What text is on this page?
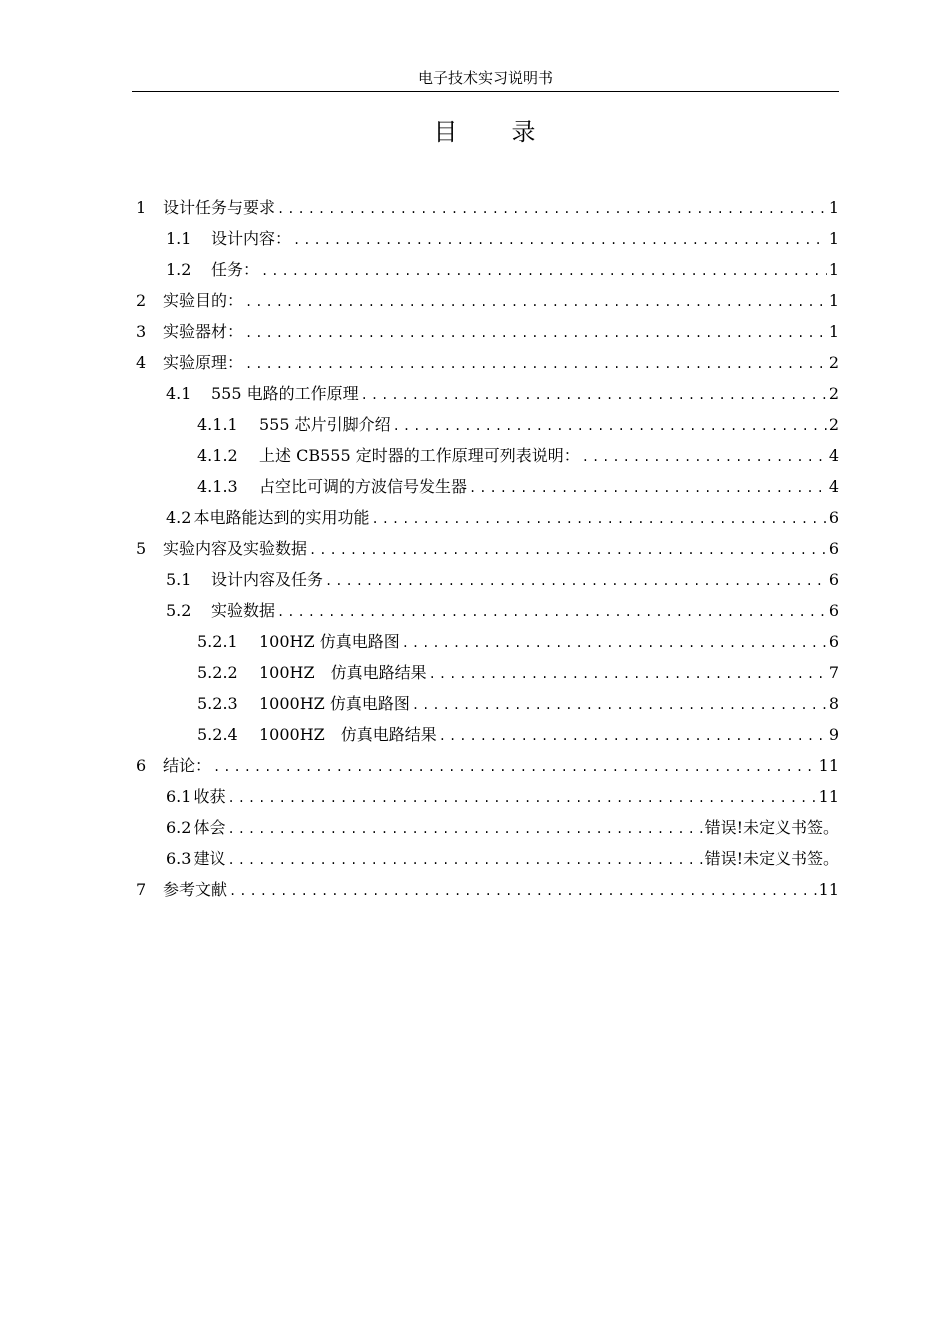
电子技术实习说明书
目　　录
1	设计任务与要求 .....	1
1.1	设计内容： .....	1
1.2	任务： .....	1
2	实验目的： .....	1
3	实验器材： .....	1
4	实验原理： .....	2
4.1	555 电路的工作原理 .....	2
4.1.1	555 芯片引脚介绍 .....	2
4.1.2	上述 CB555 定时器的工作原理可列表说明： .....	4
4.1.3	占空比可调的方波信号发生器 .....	4
4.2 本电路能达到的实用功能 .....	6
5	实验内容及实验数据 .....	6
5.1	设计内容及任务 .....	6
5.2	实验数据 .....	6
5.2.1	100HZ 仿真电路图 .....	6
5.2.2	100HZ　仿真电路结果 .....	7
5.2.3	1000HZ 仿真电路图 .....	8
5.2.4	1000HZ　仿真电路结果 .....	9
6	结论： .....	11
6.1 收获 .....	11
6.2 体会 .....	错误!未定义书签。
6.3 建议 .....	错误!未定义书签。
7	参考文献 .....	11
